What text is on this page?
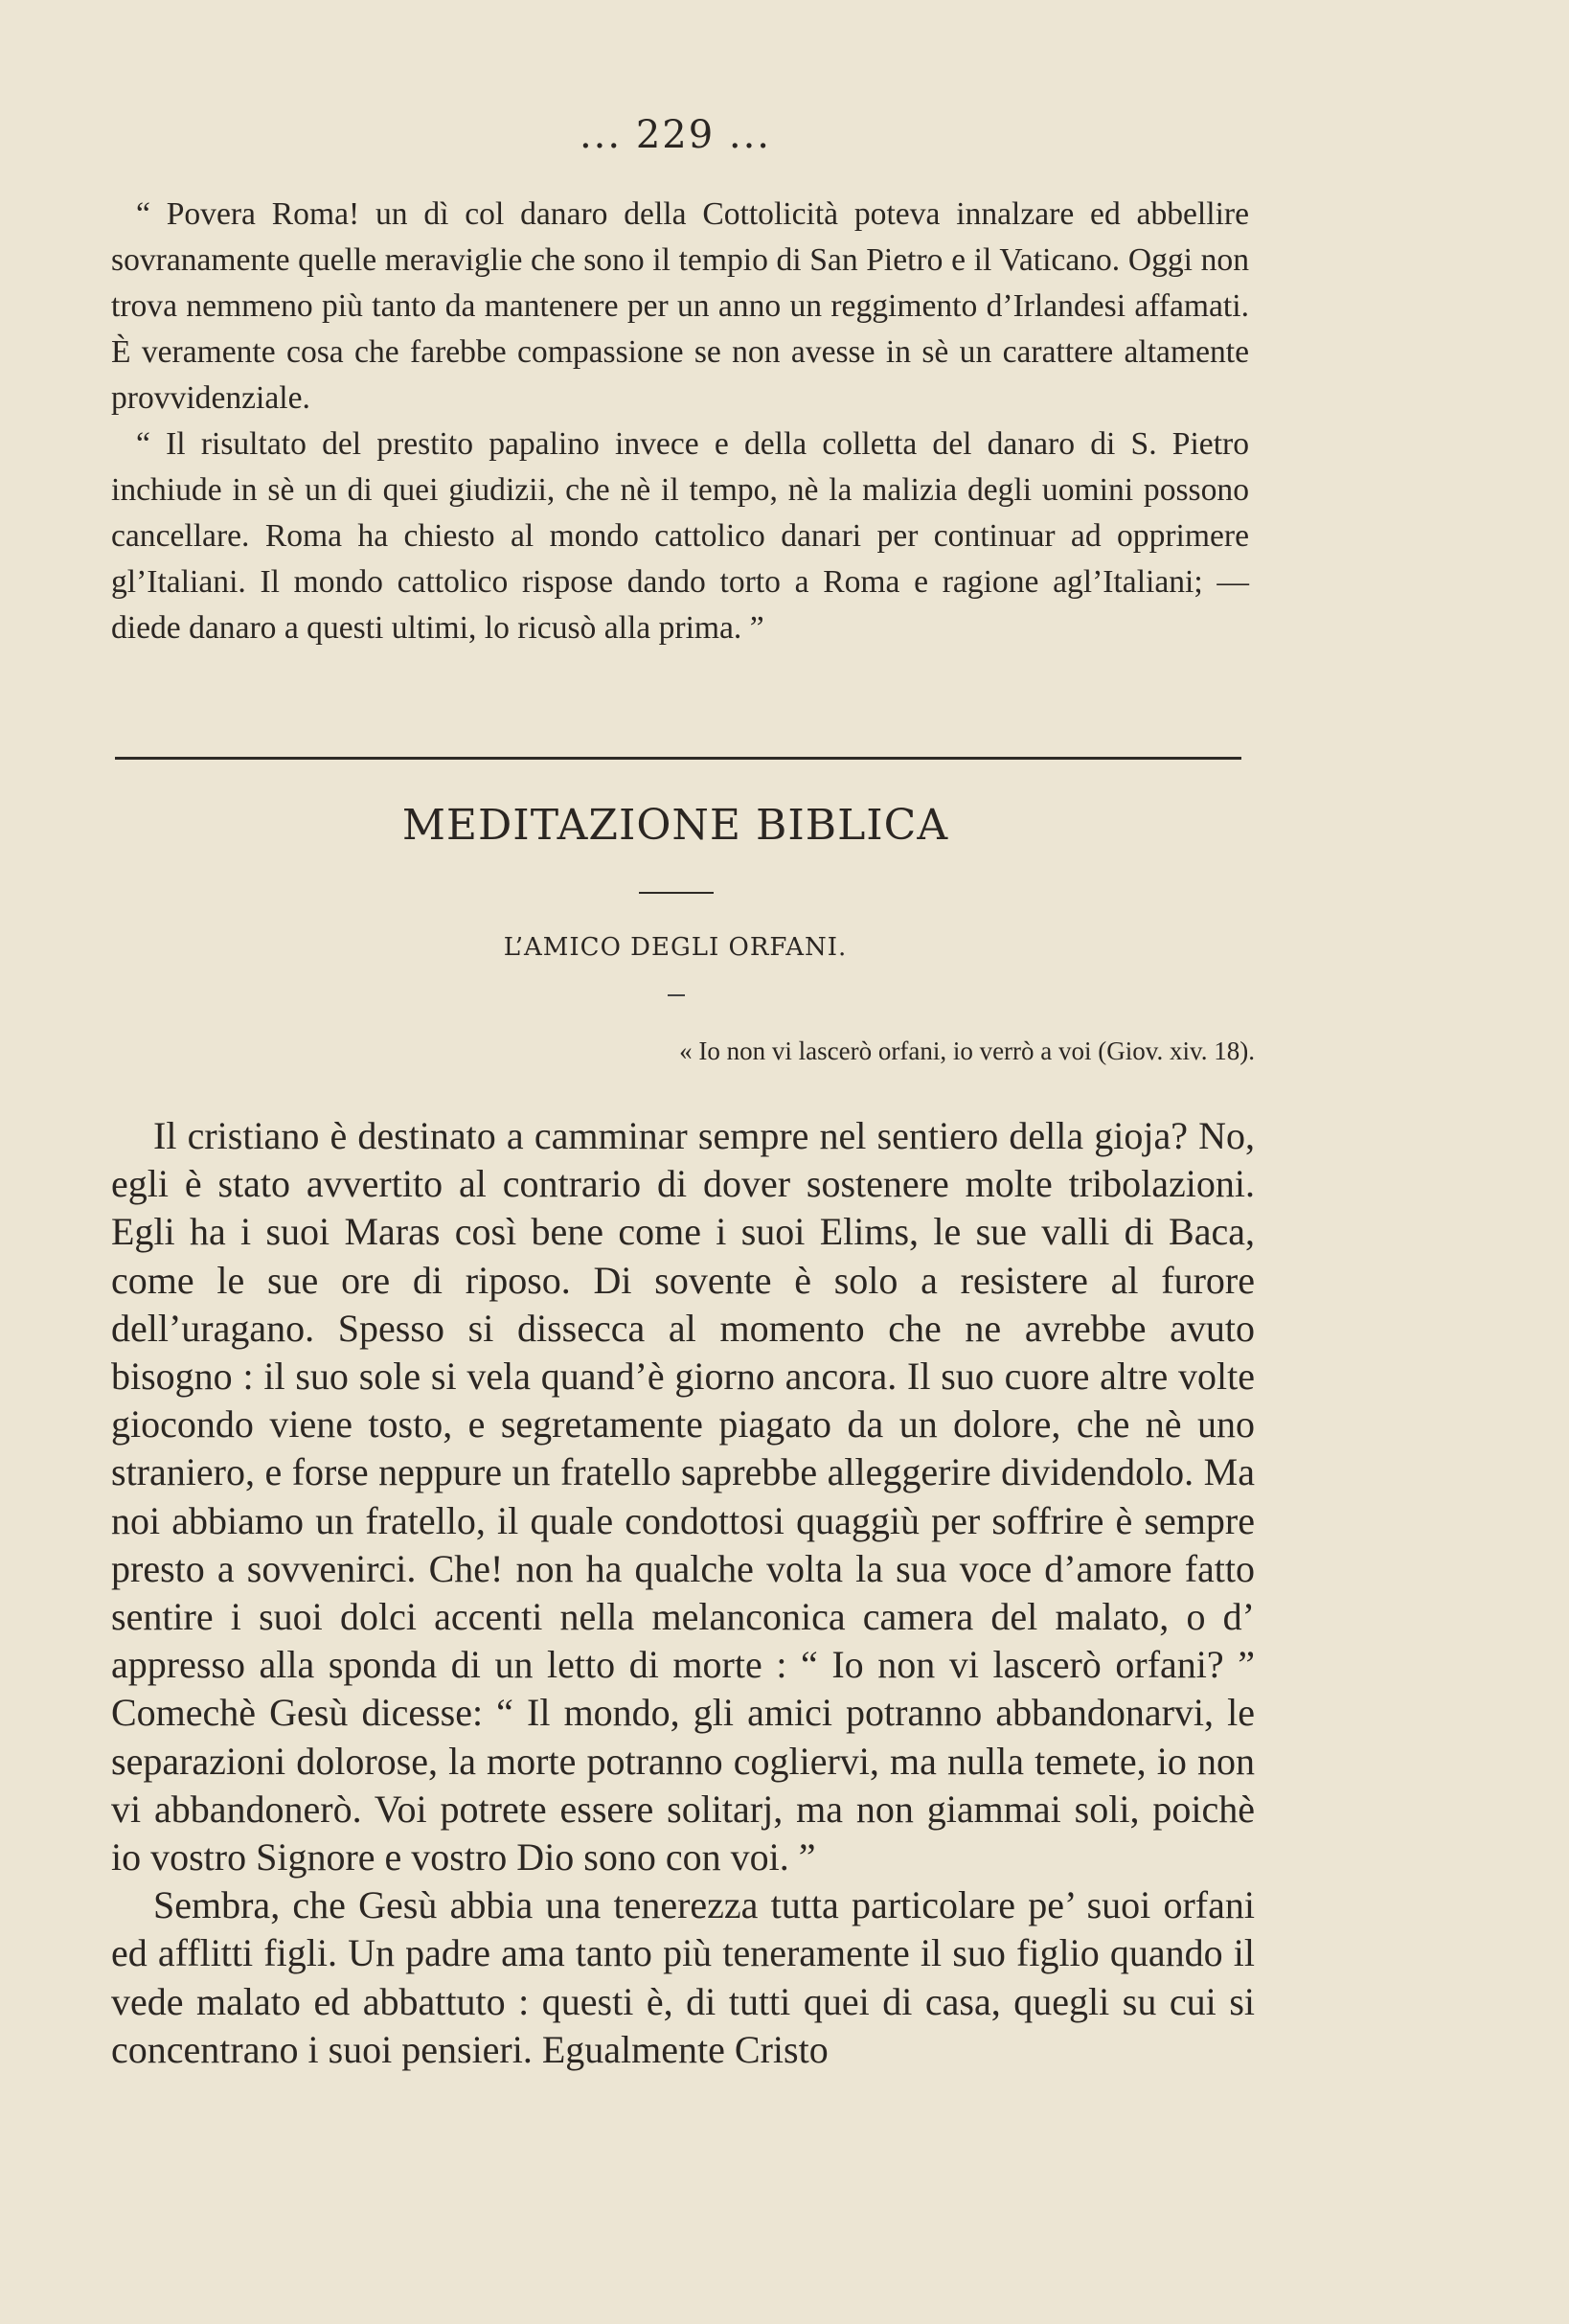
... 229 ...

“ Povera Roma! un dì col danaro della Cottolicità poteva innalzare ed abbellire sovranamente quelle meraviglie che sono il tempio di San Pietro e il Vaticano. Oggi non trova nemmeno più tanto da mantenere per un anno un reggimento d’Irlandesi affamati. È veramente cosa che farebbe compassione se non avesse in sè un carattere altamente provvidenziale.

“ Il risultato del prestito papalino invece e della colletta del danaro di S. Pietro inchiude in sè un di quei giudizii, che nè il tempo, nè la malizia degli uomini possono cancellare. Roma ha chiesto al mondo cattolico danari per continuar ad opprimere gl’Italiani. Il mondo cattolico rispose dando torto a Roma e ragione agl’Italiani; — diede danaro a questi ultimi, lo ricusò alla prima. ”

MEDITAZIONE BIBLICA
L’AMICO DEGLI ORFANI.
« Io non vi lascerò orfani, io verrò a voi (Giov. xiv. 18).

Il cristiano è destinato a camminar sempre nel sentiero della gioja? No, egli è stato avvertito al contrario di dover sostenere molte tribolazioni. Egli ha i suoi Maras così bene come i suoi Elims, le sue valli di Baca, come le sue ore di riposo. Di sovente è solo a resistere al furore dell’uragano. Spesso si dissecca al momento che ne avrebbe avuto bisogno : il suo sole si vela quand’è giorno ancora. Il suo cuore altre volte giocondo viene tosto, e segretamente piagato da un dolore, che nè uno straniero, e forse neppure un fratello saprebbe alleggerire dividendolo. Ma noi abbiamo un fratello, il quale condottosi quaggiù per soffrire è sempre presto a sovvenirci. Che! non ha qualche volta la sua voce d’amore fatto sentire i suoi dolci accenti nella melanconica camera del malato, o d’ appresso alla sponda di un letto di morte : “ Io non vi lascerò orfani? ” Comechè Gesù dicesse: “ Il mondo, gli amici potranno abbandonarvi, le separazioni dolorose, la morte potranno cogliervi, ma nulla temete, io non vi abbandonerò. Voi potrete essere solitarj, ma non giammai soli, poichè io vostro Signore e vostro Dio sono con voi. ”

Sembra, che Gesù abbia una tenerezza tutta particolare pe’ suoi orfani ed afflitti figli. Un padre ama tanto più teneramente il suo figlio quando il vede malato ed abbattuto : questi è, di tutti quei di casa, quegli su cui si concentrano i suoi pensieri. Egualmente Cristo
